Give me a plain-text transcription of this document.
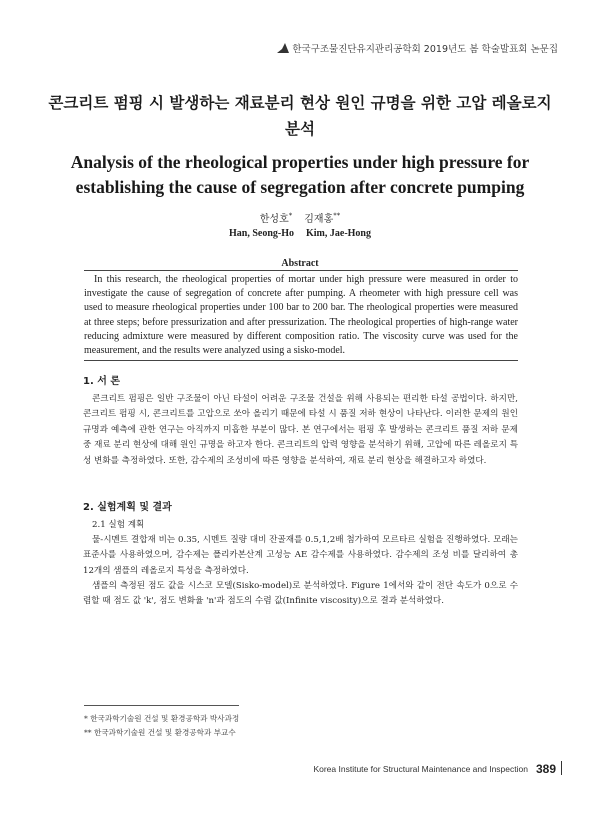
한국구조물진단유지관리공학회 2019년도 봄 학술발표회 논문집
콘크리트 펌핑 시 발생하는 재료분리 현상 원인 규명을 위한 고압 레올로지 분석
Analysis of the rheological properties under high pressure for establishing the cause of segregation after concrete pumping
한성호* 김재홍**
Han, Seong-Ho Kim, Jae-Hong
Abstract

In this research, the rheological properties of mortar under high pressure were measured in order to investigate the cause of segregation of concrete after pumping. A rheometer with high pressure cell was used to measure rheological properties under 100 bar to 200 bar. The rheological properties were measured at three steps; before pressurization and after pressurization. The rheological properties of high-range water reducing admixture were measured by different composition ratio. The viscosity curve was used for the measurement, and the results were analyzed using a sisko-model.

1. 서 론

콘크리트 펌핑은 일반 구조물이 아닌 타설이 어려운 구조물 건설을 위해 사용되는 편리한 타설 공법이다. 하지만, 콘크리트 펌핑 시, 콘크리트를 고압으로 쏘아 올리기 때문에 타설 시 품질 저하 현상이 나타난다. 이러한 문제의 원인 규명과 예측에 관한 연구는 아직까지 미흡한 부분이 많다. 본 연구에서는 펌핑 후 발생하는 콘크리트 품질 저하 문제 중 재료 분리 현상에 대해 원인 규명을 하고자 한다. 콘크리트의 압력 영향을 분석하기 위해, 고압에 따른 레올로지 특성 변화를 측정하였다. 또한, 감수제의 조성비에 따른 영향을 분석하여, 재료 분리 현상을 해결하고자 하였다.

2. 실험계획 및 결과
2.1 실험 계획

물-시멘트 결합재 비는 0.35, 시멘트 질량 대비 잔골재를 0.5,1,2배 첨가하여 모르타르 실험을 진행하였다. 모래는 표준사를 사용하였으며, 감수제는 폴리카본산계 고성능 AE 감수제를 사용하였다. 감수제의 조성 비를 달리하여 총 12개의 샘플의 레올로지 특성을 측정하였다.

샘플의 측정된 점도 값을 시스코 모델(Sisko-model)로 분석하였다. Figure 1에서와 같이 전단 속도가 0으로 수렴할 때 점도 값 'k', 점도 변화율 'n'과 점도의 수렴 값(Infinite viscosity)으로 결과 분석하였다.

* 한국과학기술원 건설 및 환경공학과 박사과정
** 한국과학기술원 건설 및 환경공학과 부교수
Korea Institute for Structural Maintenance and Inspection 389
